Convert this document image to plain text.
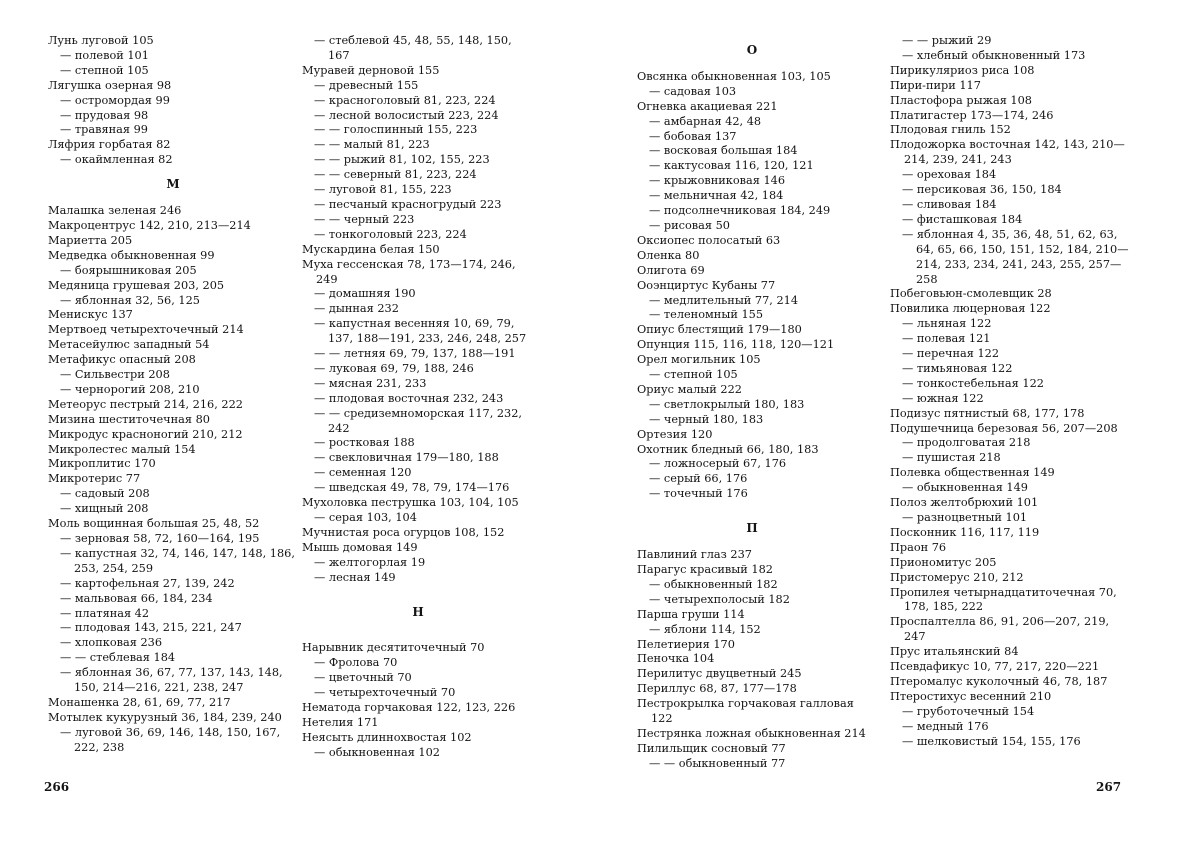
Лунь луговой 105
— полевой 101
— степной 105
Лягушка озерная 98
— остромордая 99
— прудовая 98
— травяная 99
Ляфрия горбатая 82
— окаймленная 82
М
Малашка зеленая 246
Макроцентрус 142, 210, 213—214
Мариетта 205
Медведка обыкновенная 99
— боярышниковая 205
Медяница грушевая 203, 205
— яблонная 32, 56, 125
Менискус 137
Мертвоед четырехточечный 214
Метасейулюс западный 54
Метафикус опасный 208
— Сильвестри 208
— чернорогий 208, 210
Метеорус пестрый 214, 216, 222
Мизина шеститочечная 80
Микродус красноногий 210, 212
Микролестес малый 154
Микроплитис 170
Микротерис 77
— садовый 208
— хищный 208
Моль вощинная большая 25, 48, 52
— зерновая 58, 72, 160—164, 195
— капустная 32, 74, 146, 147, 148, 186, 253, 254, 259
— картофельная 27, 139, 242
— мальвовая 66, 184, 234
— платяная 42
— плодовая 143, 215, 221, 247
— хлопковая 236
— — стеблевая 184
— яблонная 36, 67, 77, 137, 143, 148, 150, 214—216, 221, 238, 247
Монашенка 28, 61, 69, 77, 217
Мотылек кукурузный 36, 184, 239, 240
— луговой 36, 69, 146, 148, 150, 167, 222, 238
— стеблевой 45, 48, 55, 148, 150, 167
Муравей дерновой 155
— древесный 155
— красноголовый 81, 223, 224
— лесной волосистый 223, 224
— — голоспинный 155, 223
— — малый 81, 223
— — рыжий 81, 102, 155, 223
— — северный 81, 223, 224
— луговой 81, 155, 223
— песчаный красногрудый 223
— — черный 223
— тонкоголовый 223, 224
Мускардина белая 150
Муха гессенская 78, 173—174, 246, 249
— домашняя 190
— дынная 232
— капустная весенняя 10, 69, 79, 137, 188—191, 233, 246, 248, 257
— — летняя 69, 79, 137, 188—191
— луковая 69, 79, 188, 246
— мясная 231, 233
— плодовая восточная 232, 243
— — средиземноморская 117, 232, 242
— ростковая 188
— свекловичная 179—180, 188
— семенная 120
— шведская 49, 78, 79, 174—176
Мухоловка пеструшка 103, 104, 105
— серая 103, 104
Мучнистая роса огурцов 108, 152
Мышь домовая 149
— желтогорлая 19
— лесная 149
Н
Нарывник десятиточечный 70
— Фролова 70
— цветочный 70
— четырехточечный 70
Нематода горчаковая 122, 123, 226
Нетелия 171
Неясыть длиннохвостая 102
— обыкновенная 102
О
Овсянка обыкновенная 103, 105
— садовая 103
Огневка акациевая 221
— амбарная 42, 48
— бобовая 137
— восковая большая 184
— кактусовая 116, 120, 121
— крыжовниковая 146
— мельничная 42, 184
— подсолнечниковая 184, 249
— рисовая 50
Оксиопес полосатый 63
Оленка 80
Олигота 69
Ооэнциртус Кубаны 77
— медлительный 77, 214
— теленомный 155
Опиус блестящий 179—180
Опунция 115, 116, 118, 120—121
Орел могильник 105
— степной 105
Ориус малый 222
— светлокрылый 180, 183
— черный 180, 183
Ортезия 120
Охотник бледный 66, 180, 183
— ложносерый 67, 176
— серый 66, 176
— точечный 176
П
Павлиний глаз 237
Парагус красивый 182
— обыкновенный 182
— четырехполосый 182
Парша груши 114
— яблони 114, 152
Пелетиерия 170
Пеночка 104
Перилитус двуцветный 245
Периллус 68, 87, 177—178
Пестрокрылка горчаковая галловая 122
Пестрянка ложная обыкновенная 214
Пилильщик сосновый 77
— — обыкновенный 77
— — рыжий 29
— хлебный обыкновенный 173
Пирикуляриоз риса 108
Пири-пири 117
Пластофора рыжая 108
Платигастер 173—174, 246
Плодовая гниль 152
Плодожорка восточная 142, 143, 210—214, 239, 241, 243
— ореховая 184
— персиковая 36, 150, 184
— сливовая 184
— фисташковая 184
— яблонная 4, 35, 36, 48, 51, 62, 63, 64, 65, 66, 150, 151, 152, 184, 210—214, 233, 234, 241, 243, 255, 257—258
Побеговьюн-смолевщик 28
Повилика люцерновая 122
— льняная 122
— полевая 121
— перечная 122
— тимьяновая 122
— тонкостебельная 122
— южная 122
Подизус пятнистый 68, 177, 178
Подушечница березовая 56, 207—208
— продолговатая 218
— пушистая 218
Полевка общественная 149
— обыкновенная 149
Полоз желтобрюхий 101
— разноцветный 101
Посконник 116, 117, 119
Праон 76
Приономитус 205
Пристомерус 210, 212
Пропилея четырнадцатиточечная 70, 178, 185, 222
Проспалтелла 86, 91, 206—207, 219, 247
Прус итальянский 84
Псевдафикус 10, 77, 217, 220—221
Птеромалус куколочный 46, 78, 187
Птеростихус весенний 210
— груботочечный 154
— медный 176
— шелковистый 154, 155, 176
266	267
